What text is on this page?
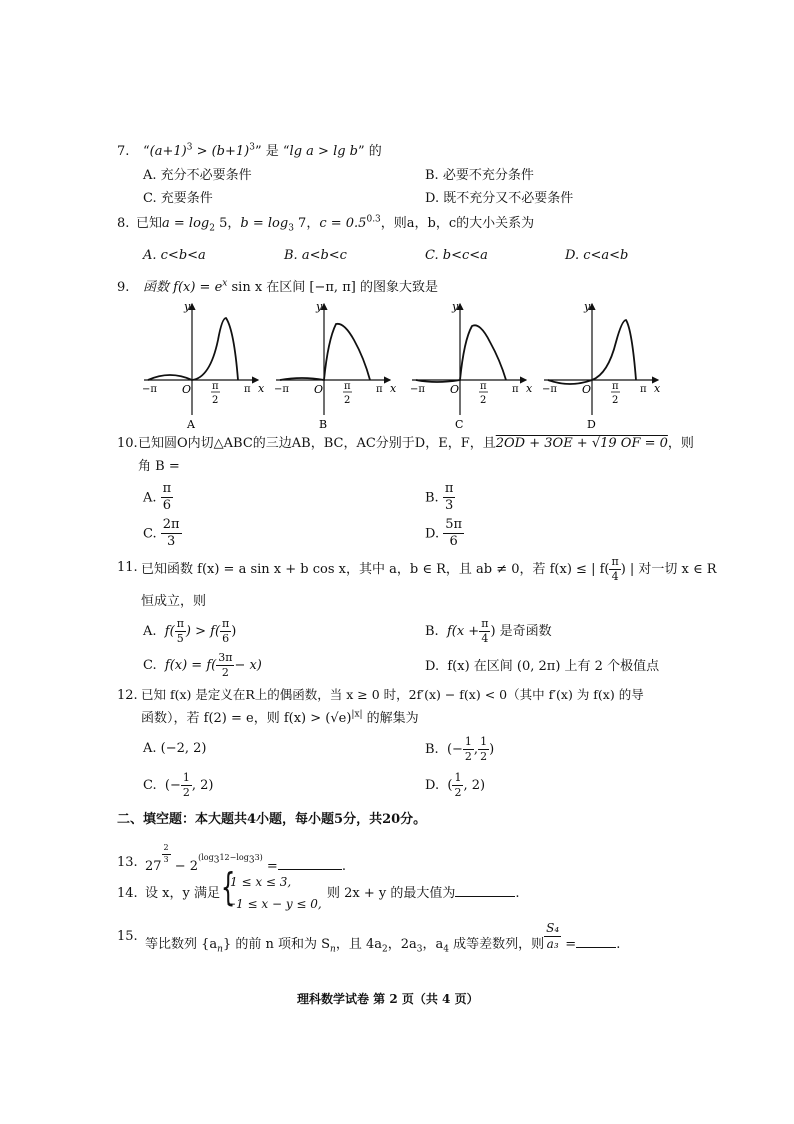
7. “$(a+1)^3 > (b+1)^3$” 是 “lg a > lg b” 的
A. 充分不必要条件	B. 必要不充分条件
C. 充要条件	D. 既不充分又不必要条件
8. 已知$a = \log_2 5$，$b = \log_3 7$，$c = 0.5^{0.3}$，则a，b，c的大小关系为
A. c<b<a	B. a<b<c	C. b<c<a	D. c<a<b
9. 函数 $f(x) = e^x$ sin x 在区间 [−π, π] 的图象大致是
y
x
O
−π	π
π
2
A
y
x
O
−π	π
π
2
B
y
x
O
−π	π
π
2
C
y
x
O
−π	π
π
2
D
10. 已知圆O内切△ABC的三边AB，BC，AC分别于D，E，F，且2OD + 3OE + √19 OF = 0，则
角 B =
A. $\frac{\pi}{6}$	B. $\frac{\pi}{3}$
C. $\frac{2\pi}{3}$	D. $\frac{5\pi}{6}$
11. 已知函数 f(x) = a sin x + b cos x，其中 a，b ∈ R，且 ab ≠ 0，若 f(x) ≤ | $f( \frac{\pi}{4}$ ) | 对一切 x ∈ R
恒成立，则
A. $f( \frac{\pi}{5}$ ) > $f( \frac{\pi}{6}$ )	B. $f(x + \frac{\pi}{4}$ ) 是奇函数
C. $f(x) = f( \frac{3\pi}{2} - x)$	D. f(x) 在区间 (0, 2π) 上有 2 个极值点
12. 已知 f(x) 是定义在R上的偶函数，当 x ≥ 0 时，2f′(x) − f(x) < 0（其中 f′(x) 为 f(x) 的导
函数），若 f(2) = e，则 $f(x) > (√e)^{|x|}$ 的解集为
A. (−2, 2)	B. (− $\frac{1}{2}$ , $\frac{1}{2}$ )
C. (− $\frac{1}{2}$ , 2)	D. ( $\frac{1}{2}$ , 2)
二、填空题：本大题共4小题，每小题5分，共20分。
13. 27
$\frac{2}{3}$
− $2(\log_312-\log_33)$ =	.
14. 设 x，y 满足 {
1 ≤ x ≤ 3,
−1 ≤ x − y ≤ 0,
则 2x + y 的最大值为	.
15.
等比数列 $\{a_n\}$ 的前 n 项和为 $S_n$，且 $4a_2$，$2a_3$，$a_4$ 成等差数列，则 $\frac{\text{S₄}}{\text{a₃}}$ =	.
理科数学试卷 第 2 页（共 4 页）
